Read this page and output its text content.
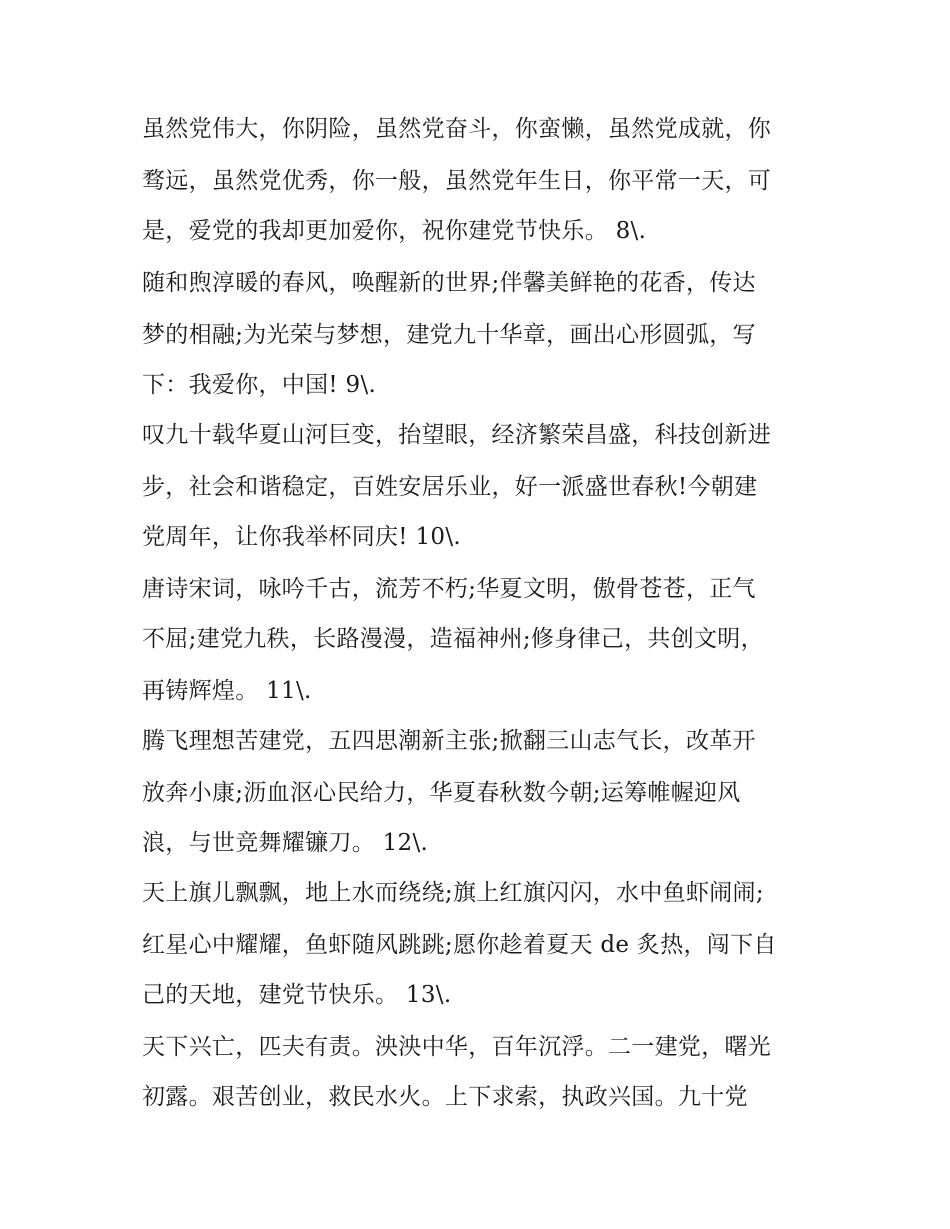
虽然党伟大，你阴险，虽然党奋斗，你蛮懒，虽然党成就，你
骛远，虽然党优秀，你一般，虽然党年生日，你平常一天，可
是，爱党的我却更加爱你，祝你建党节快乐。 8\.
随和煦淳暖的春风，唤醒新的世界;伴馨美鲜艳的花香，传达
梦的相融;为光荣与梦想，建党九十华章，画出心形圆弧，写
下：我爱你，中国! 9\.
叹九十载华夏山河巨变，抬望眼，经济繁荣昌盛，科技创新进
步，社会和谐稳定，百姓安居乐业，好一派盛世春秋!今朝建
党周年，让你我举杯同庆! 10\.
唐诗宋词，咏吟千古，流芳不朽;华夏文明，傲骨苍苍，正气
不屈;建党九秩，长路漫漫，造福神州;修身律己，共创文明，
再铸辉煌。 11\.
腾飞理想苦建党，五四思潮新主张;掀翻三山志气长，改革开
放奔小康;沥血沤心民给力，华夏春秋数今朝;运筹帷幄迎风
浪，与世竞舞耀镰刀。 12\.
天上旗儿飘飘，地上水而绕绕;旗上红旗闪闪，水中鱼虾闹闹;
红星心中耀耀，鱼虾随风跳跳;愿你趁着夏天 de 炙热，闯下自
己的天地，建党节快乐。 13\.
天下兴亡，匹夫有责。泱泱中华，百年沉浮。二一建党，曙光
初露。艰苦创业，救民水火。上下求索，执政兴国。九十党
